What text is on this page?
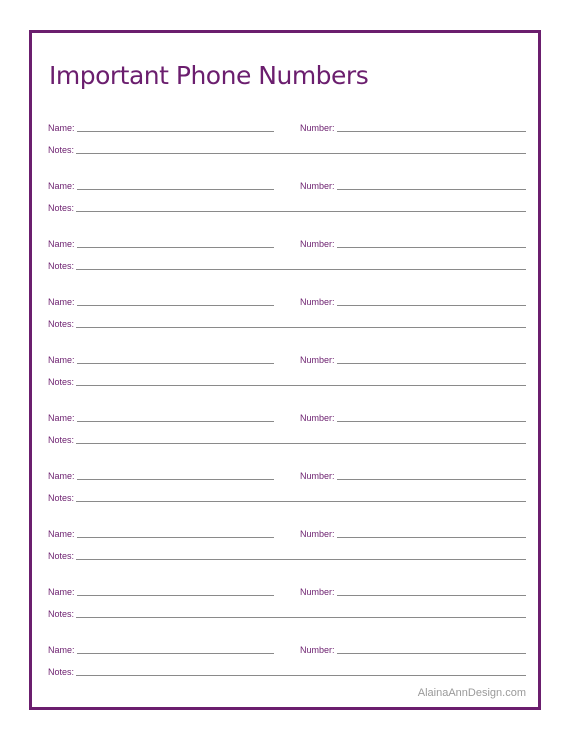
Important Phone Numbers
Name:	Number:
Notes:
Name:	Number:
Notes:
Name:	Number:
Notes:
Name:	Number:
Notes:
Name:	Number:
Notes:
Name:	Number:
Notes:
Name:	Number:
Notes:
Name:	Number:
Notes:
Name:	Number:
Notes:
Name:	Number:
Notes:
AlainaAnnDesign.com
